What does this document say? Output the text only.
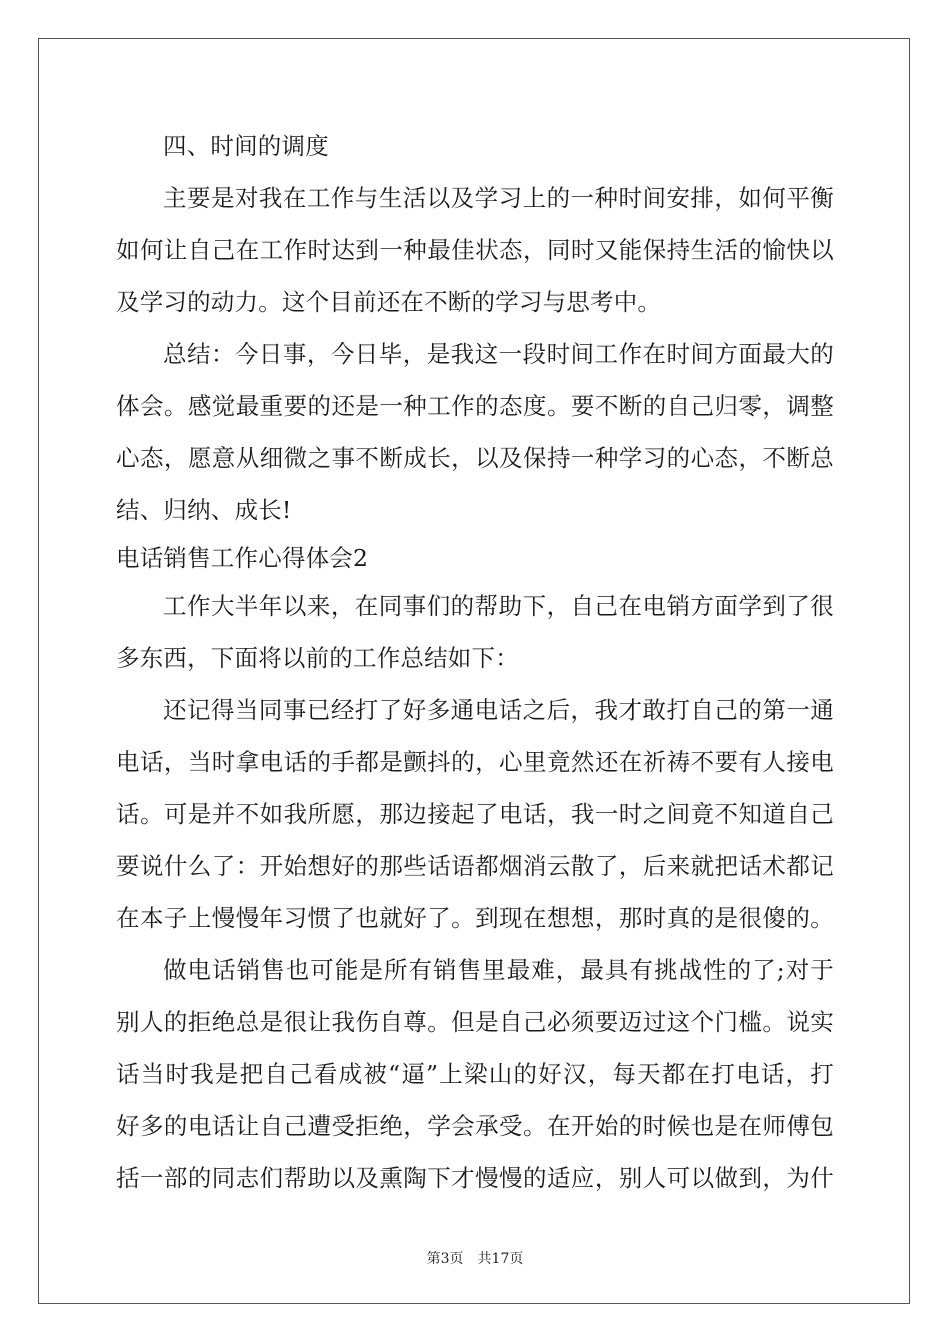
四、时间的调度
主要是对我在工作与生活以及学习上的一种时间安排，如何平衡
如何让自己在工作时达到一种最佳状态，同时又能保持生活的愉快以
及学习的动力。这个目前还在不断的学习与思考中。
总结：今日事，今日毕，是我这一段时间工作在时间方面最大的
体会。感觉最重要的还是一种工作的态度。要不断的自己归零，调整
心态，愿意从细微之事不断成长，以及保持一种学习的心态，不断总
结、归纳、成长!
电话销售工作心得体会2
工作大半年以来，在同事们的帮助下，自己在电销方面学到了很
多东西，下面将以前的工作总结如下：
还记得当同事已经打了好多通电话之后，我才敢打自己的第一通
电话，当时拿电话的手都是颤抖的，心里竟然还在祈祷不要有人接电
话。可是并不如我所愿，那边接起了电话，我一时之间竟不知道自己
要说什么了：开始想好的那些话语都烟消云散了，后来就把话术都记
在本子上慢慢年习惯了也就好了。到现在想想，那时真的是很傻的。
做电话销售也可能是所有销售里最难，最具有挑战性的了;对于
别人的拒绝总是很让我伤自尊。但是自己必须要迈过这个门槛。说实
话当时我是把自己看成被“逼”上梁山的好汉，每天都在打电话，打
好多的电话让自己遭受拒绝，学会承受。在开始的时候也是在师傅包
括一部的同志们帮助以及熏陶下才慢慢的适应，别人可以做到，为什
第3页 共17页
